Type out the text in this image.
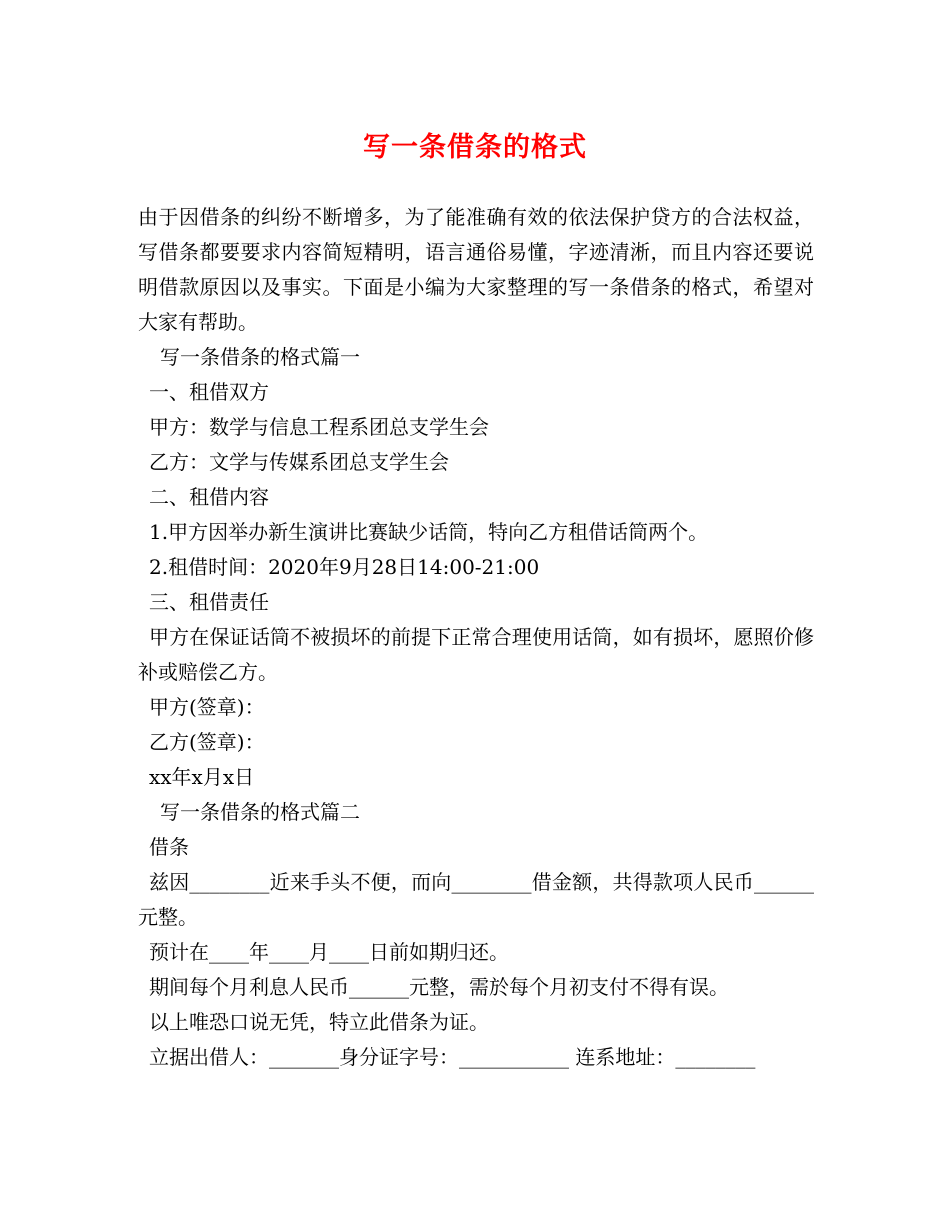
写一条借条的格式

由于因借条的纠纷不断增多，为了能准确有效的依法保护贷方的合法权益，写借条都要要求内容简短精明，语言通俗易懂，字迹清淅，而且内容还要说明借款原因以及事实。下面是小编为大家整理的写一条借条的格式，希望对大家有帮助。

写一条借条的格式篇一

一、租借双方

甲方：数学与信息工程系团总支学生会

乙方：文学与传媒系团总支学生会

二、租借内容

1.甲方因举办新生演讲比赛缺少话筒，特向乙方租借话筒两个。

2.租借时间：2020年9月28日14:00-21:00

三、租借责任

甲方在保证话筒不被损坏的前提下正常合理使用话筒，如有损坏，愿照价修补或赔偿乙方。

甲方(签章)：

乙方(签章)：

xx年x月x日

写一条借条的格式篇二

借条

兹因________近来手头不便，而向________借金额，共得款项人民币______元整。

预计在____年____月____日前如期归还。

期间每个月利息人民币______元整，需於每个月初支付不得有误。

以上唯恐口说无凭，特立此借条为证。

立据出借人：_______身分证字号：___________ 连系地址：________
